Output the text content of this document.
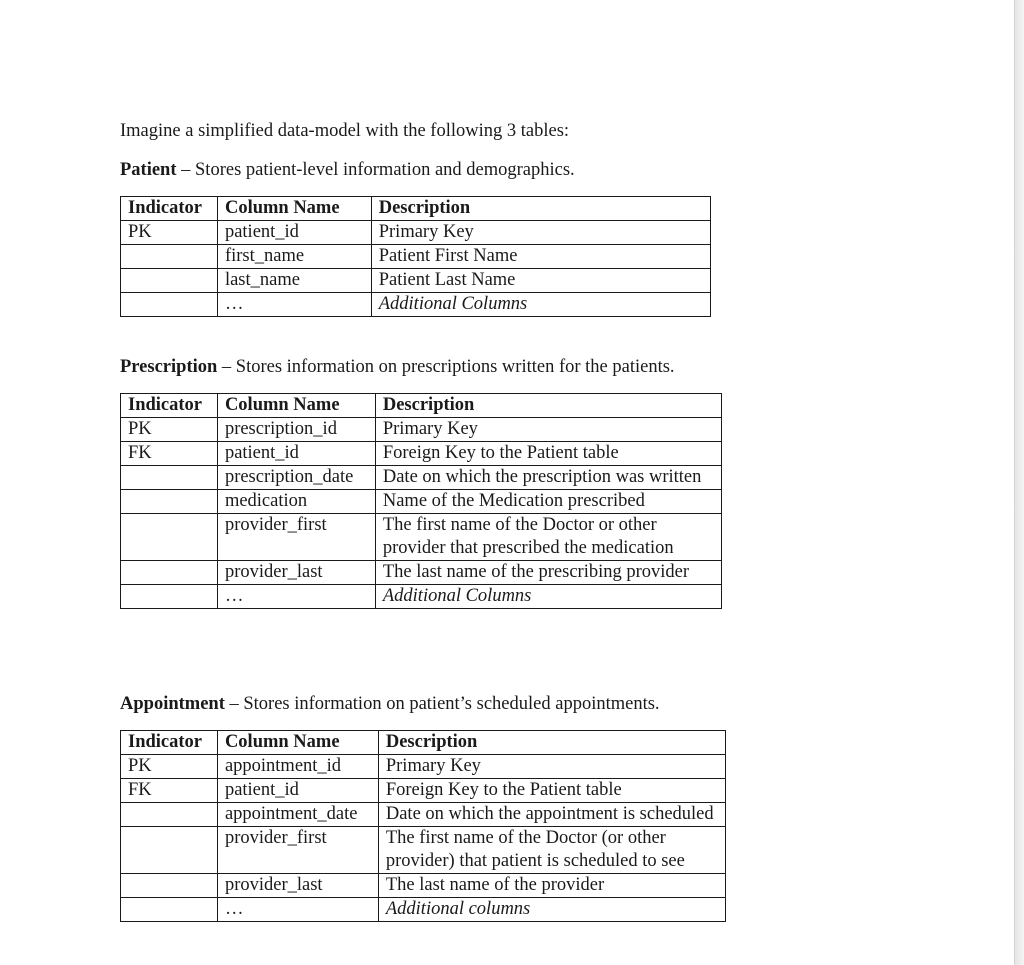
Imagine a simplified data-model with the following 3 tables:
Patient – Stores patient-level information and demographics.
Indicator	Column Name	Description
PK	patient_id	Primary Key
	first_name	Patient First Name
	last_name	Patient Last Name
	…	Additional Columns
Prescription – Stores information on prescriptions written for the patients.
Indicator	Column Name	Description
PK	prescription_id	Primary Key
FK	patient_id	Foreign Key to the Patient table
	prescription_date	Date on which the prescription was written
	medication	Name of the Medication prescribed
	provider_first	The first name of the Doctor or other provider that prescribed the medication
	provider_last	The last name of the prescribing provider
	…	Additional Columns
Appointment – Stores information on patient’s scheduled appointments.
Indicator	Column Name	Description
PK	appointment_id	Primary Key
FK	patient_id	Foreign Key to the Patient table
	appointment_date	Date on which the appointment is scheduled
	provider_first	The first name of the Doctor (or other provider) that patient is scheduled to see
	provider_last	The last name of the provider
	…	Additional columns
